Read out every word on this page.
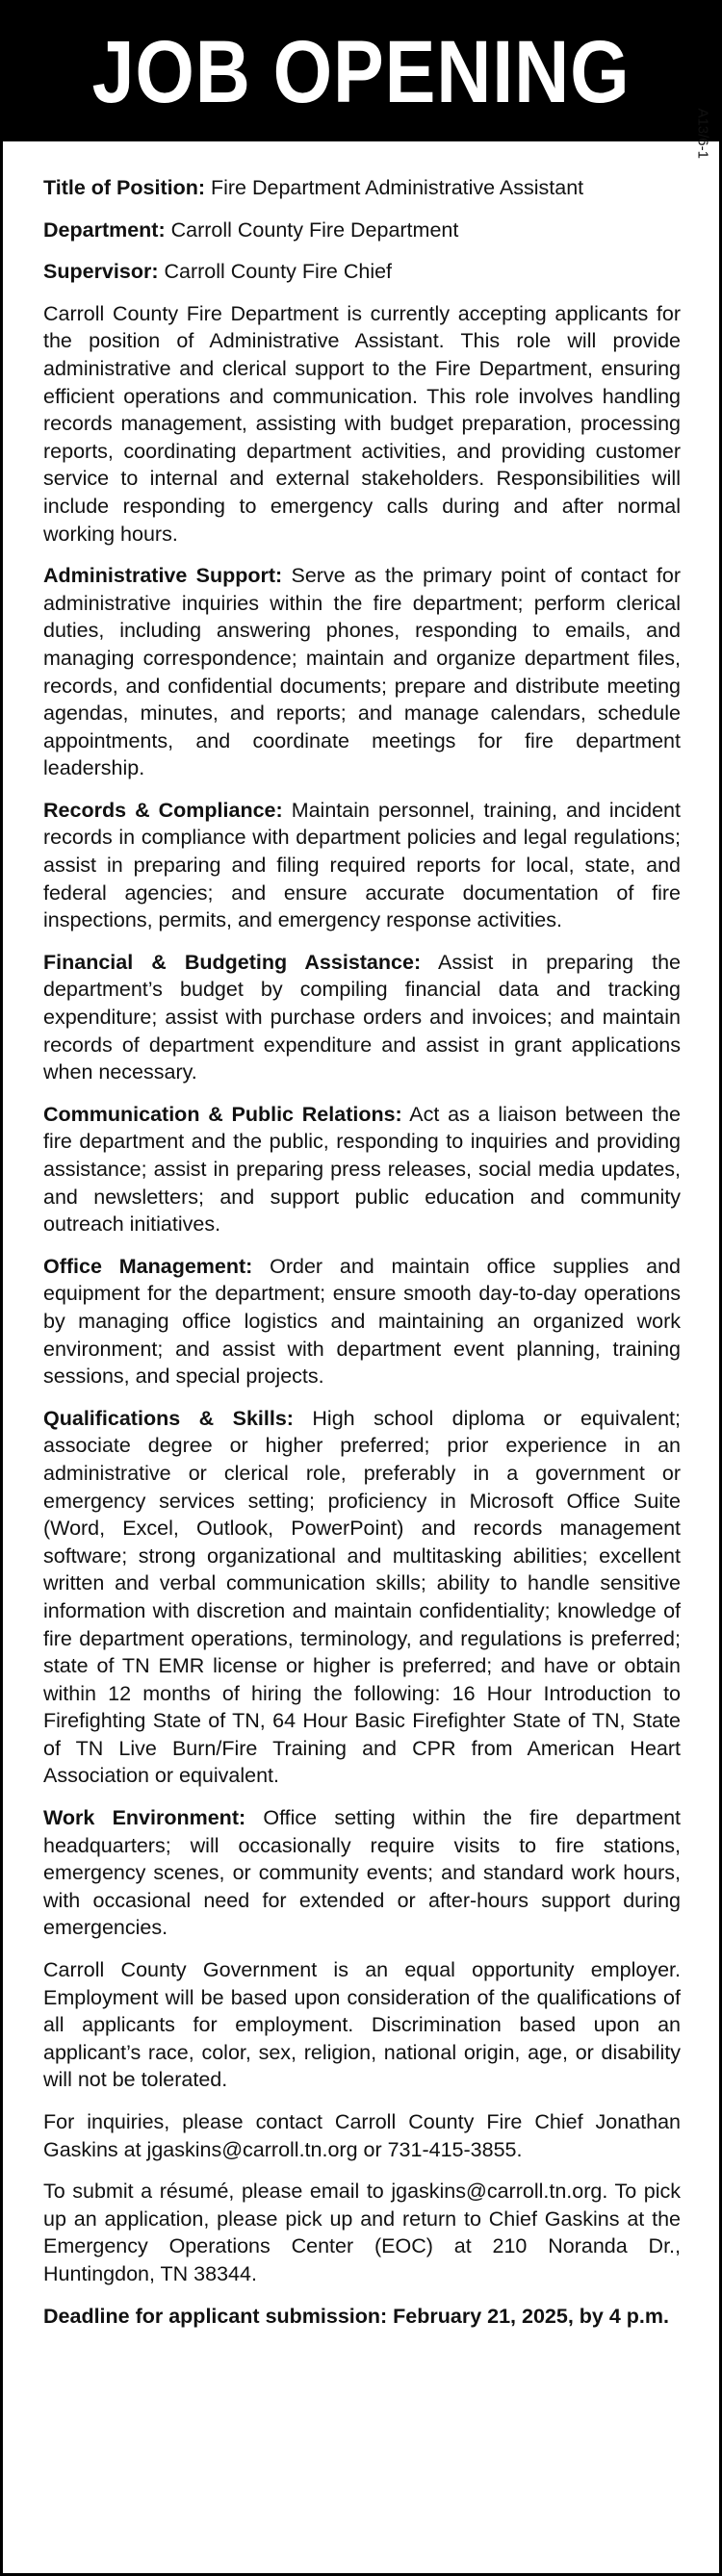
JOB OPENING
A13/6-1

Title of Position: Fire Department Administrative Assistant

Department: Carroll County Fire Department

Supervisor: Carroll County Fire Chief

Carroll County Fire Department is currently accepting applicants for the position of Administrative Assistant. This role will provide administrative and clerical support to the Fire Department, ensuring efficient operations and communication. This role involves handling records management, assisting with budget preparation, processing reports, coordinating department activities, and providing customer service to internal and external stakeholders. Responsibilities will include responding to emergency calls during and after normal working hours.

Administrative Support: Serve as the primary point of contact for administrative inquiries within the fire department; perform clerical duties, including answering phones, responding to emails, and managing correspondence; maintain and organize department files, records, and confidential documents; prepare and distribute meeting agendas, minutes, and reports; and manage calendars, schedule appointments, and coordinate meetings for fire department leadership.

Records & Compliance: Maintain personnel, training, and incident records in compliance with department policies and legal regulations; assist in preparing and filing required reports for local, state, and federal agencies; and ensure accurate documentation of fire inspections, permits, and emergency response activities.

Financial & Budgeting Assistance: Assist in preparing the department’s budget by compiling financial data and tracking expenditure; assist with purchase orders and invoices; and maintain records of department expenditure and assist in grant applications when necessary.

Communication & Public Relations: Act as a liaison between the fire department and the public, responding to inquiries and providing assistance; assist in preparing press releases, social media updates, and newsletters; and support public education and community outreach initiatives.

Office Management: Order and maintain office supplies and equipment for the department; ensure smooth day-to-day operations by managing office logistics and maintaining an organized work environment; and assist with department event planning, training sessions, and special projects.

Qualifications & Skills: High school diploma or equivalent; associate degree or higher preferred; prior experience in an administrative or clerical role, preferably in a government or emergency services setting; proficiency in Microsoft Office Suite (Word, Excel, Outlook, PowerPoint) and records management software; strong organizational and multitasking abilities; excellent written and verbal communication skills; ability to handle sensitive information with discretion and maintain confidentiality; knowledge of fire department operations, terminology, and regulations is preferred; state of TN EMR license or higher is preferred; and have or obtain within 12 months of hiring the following: 16 Hour Introduction to Firefighting State of TN, 64 Hour Basic Firefighter State of TN, State of TN Live Burn/Fire Training and CPR from American Heart Association or equivalent.

Work Environment: Office setting within the fire department headquarters; will occasionally require visits to fire stations, emergency scenes, or community events; and standard work hours, with occasional need for extended or after-hours support during emergencies.

Carroll County Government is an equal opportunity employer. Employment will be based upon consideration of the qualifications of all applicants for employment. Discrimination based upon an applicant’s race, color, sex, religion, national origin, age, or disability will not be tolerated.

For inquiries, please contact Carroll County Fire Chief Jonathan Gaskins at jgaskins@carroll.tn.org or 731-415-3855.

To submit a résumé, please email to jgaskins@carroll.tn.org. To pick up an application, please pick up and return to Chief Gaskins at the Emergency Operations Center (EOC) at 210 Noranda Dr., Huntingdon, TN 38344.

Deadline for applicant submission: February 21, 2025, by 4 p.m.
